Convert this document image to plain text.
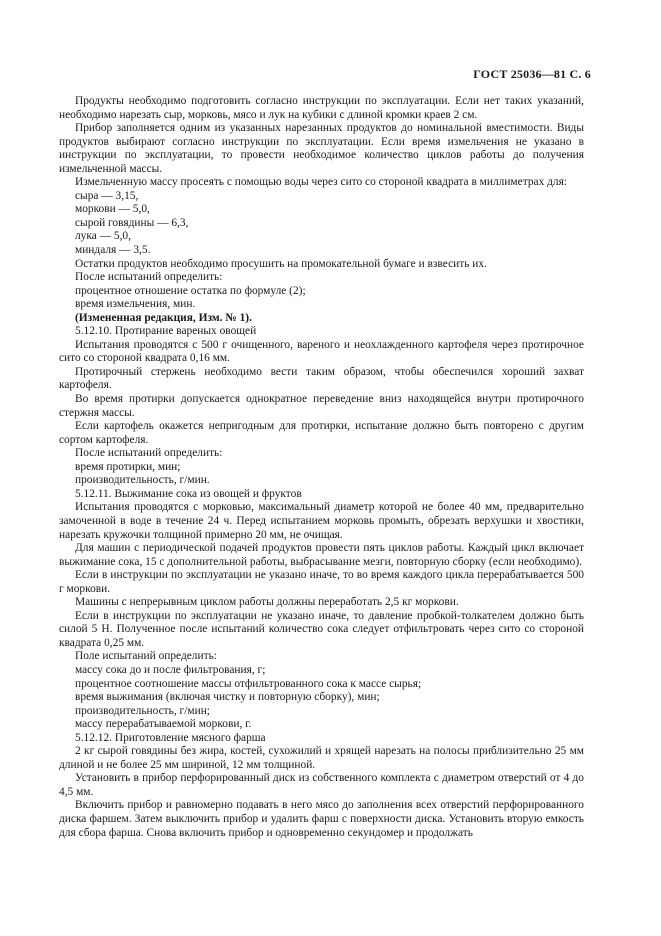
ГОСТ 25036—81 С. 6

Продукты необходимо подготовить согласно инструкции по эксплуатации. Если нет таких указаний, необходимо нарезать сыр, морковь, мясо и лук на кубики с длиной кромки краев 2 см.

Прибор заполняется одним из указанных нарезанных продуктов до номинальной вместимости. Виды продуктов выбирают согласно инструкции по эксплуатации. Если время измельчения не указано в инструкции по эксплуатации, то провести необходимое количество циклов работы до получения измельченной массы.

Измельченную массу просеять с помощью воды через сито со стороной квадрата в миллиметрах для:

сыра — 3,15,

моркови — 5,0,

сырой говядины — 6,3,

лука — 5,0,

миндаля — 3,5.

Остатки продуктов необходимо просушить на промокательной бумаге и взвесить их.

После испытаний определить:

процентное отношение остатка по формуле (2);

время измельчения, мин.

(Измененная редакция, Изм. № 1).

5.12.10. Протирание вареных овощей

Испытания проводятся с 500 г очищенного, вареного и неохлажденного картофеля через протирочное сито со стороной квадрата 0,16 мм.

Протирочный стержень необходимо вести таким образом, чтобы обеспечился хороший захват картофеля.

Во время протирки допускается однократное переведение вниз находящейся внутри протирочного стержня массы.

Если картофель окажется непригодным для протирки, испытание должно быть повторено с другим сортом картофеля.

После испытаний определить:

время протирки, мин;

производительность, г/мин.

5.12.11. Выжимание сока из овощей и фруктов

Испытания проводятся с морковью, максимальный диаметр которой не более 40 мм, предварительно замоченной в воде в течение 24 ч. Перед испытанием морковь промыть, обрезать верхушки и хвостики, нарезать кружочки толщиной примерно 20 мм, не очищая.

Для машин с периодической подачей продуктов провести пять циклов работы. Каждый цикл включает выжимание сока, 15 с дополнительной работы, выбрасывание мезги, повторную сборку (если необходимо).

Если в инструкции по эксплуатации не указано иначе, то во время каждого цикла перерабатывается 500 г моркови.

Машины с непрерывным циклом работы должны переработать 2,5 кг моркови.

Если в инструкции по эксплуатации не указано иначе, то давление пробкой-толкателем должно быть силой 5 Н. Полученное после испытаний количество сока следует отфильтровать через сито со стороной квадрата 0,25 мм.

Поле испытаний определить:

массу сока до и после фильтрования, г;

процентное соотношение массы отфильтрованного сока к массе сырья;

время выжимания (включая чистку и повторную сборку), мин;

производительность, г/мин;

массу перерабатываемой моркови, г.

5.12.12. Приготовление мясного фарша

2 кг сырой говядины без жира, костей, сухожилий и хрящей нарезать на полосы приблизительно 25 мм длиной и не более 25 мм шириной, 12 мм толщиной.

Установить в прибор перфорированный диск из собственного комплекта с диаметром отверстий от 4 до 4,5 мм.

Включить прибор и равномерно подавать в него мясо до заполнения всех отверстий перфорированного диска фаршем. Затем выключить прибор и удалить фарш с поверхности диска. Установить вторую емкость для сбора фарша. Снова включить прибор и одновременно секундомер и продолжать
